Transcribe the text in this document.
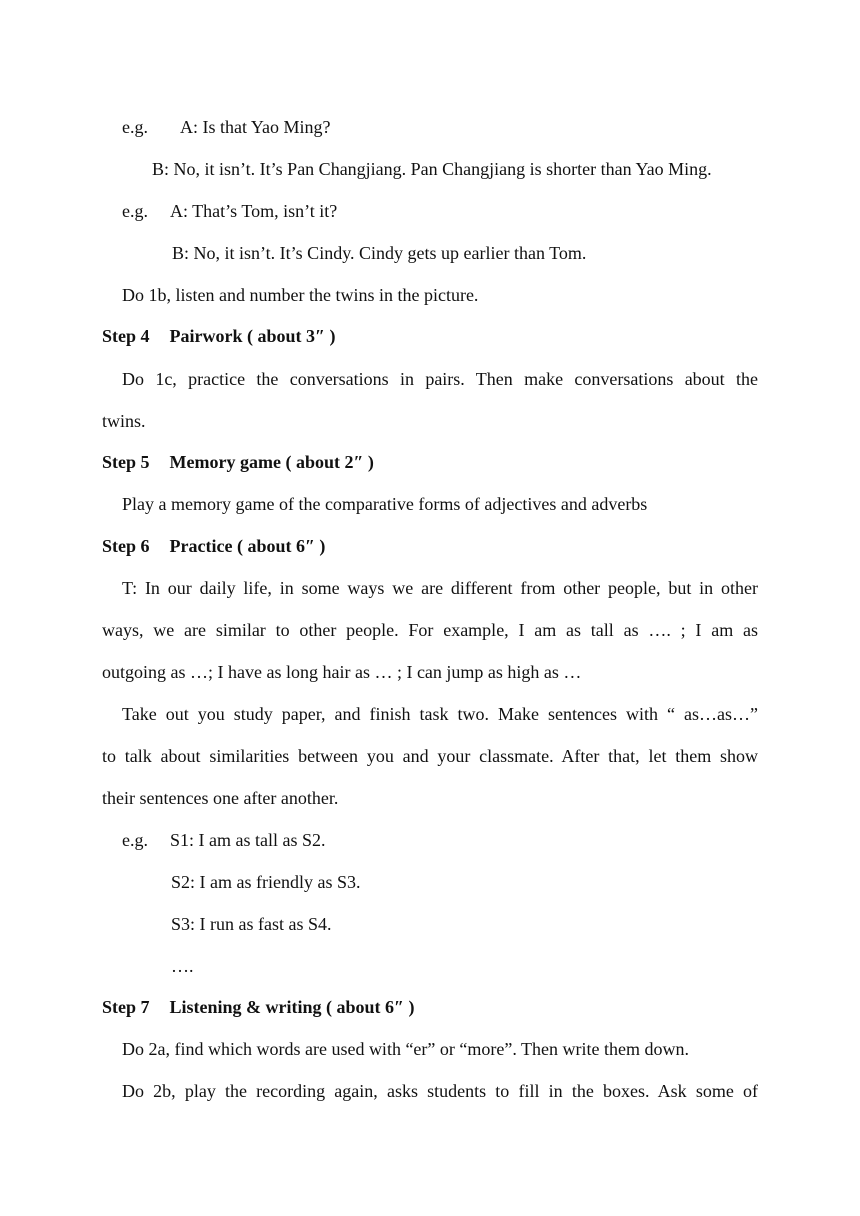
e.g. A: Is that Yao Ming?
B: No, it isn’t. It’s Pan Changjiang. Pan Changjiang is shorter than Yao Ming.
e.g. A: That’s Tom, isn’t it?
B: No, it isn’t. It’s Cindy. Cindy gets up earlier than Tom.
Do 1b, listen and number the twins in the picture.
Step 4 Pairwork ( about 3″ )
Do 1c, practice the conversations in pairs. Then make conversations about the
twins.
Step 5 Memory game ( about 2″ )
Play a memory game of the comparative forms of adjectives and adverbs
Step 6 Practice ( about 6″ )
T: In our daily life, in some ways we are different from other people, but in other
ways, we are similar to other people. For example, I am as tall as …. ; I am as
outgoing as …; I have as long hair as … ; I can jump as high as …
Take out you study paper, and finish task two. Make sentences with “ as…as…”
to talk about similarities between you and your classmate. After that, let them show
their sentences one after another.
e.g. S1: I am as tall as S2.
S2: I am as friendly as S3.
S3: I run as fast as S4.
….
Step 7 Listening & writing ( about 6″ )
Do 2a, find which words are used with “er” or “more”. Then write them down.
Do 2b, play the recording again, asks students to fill in the boxes. Ask some of
